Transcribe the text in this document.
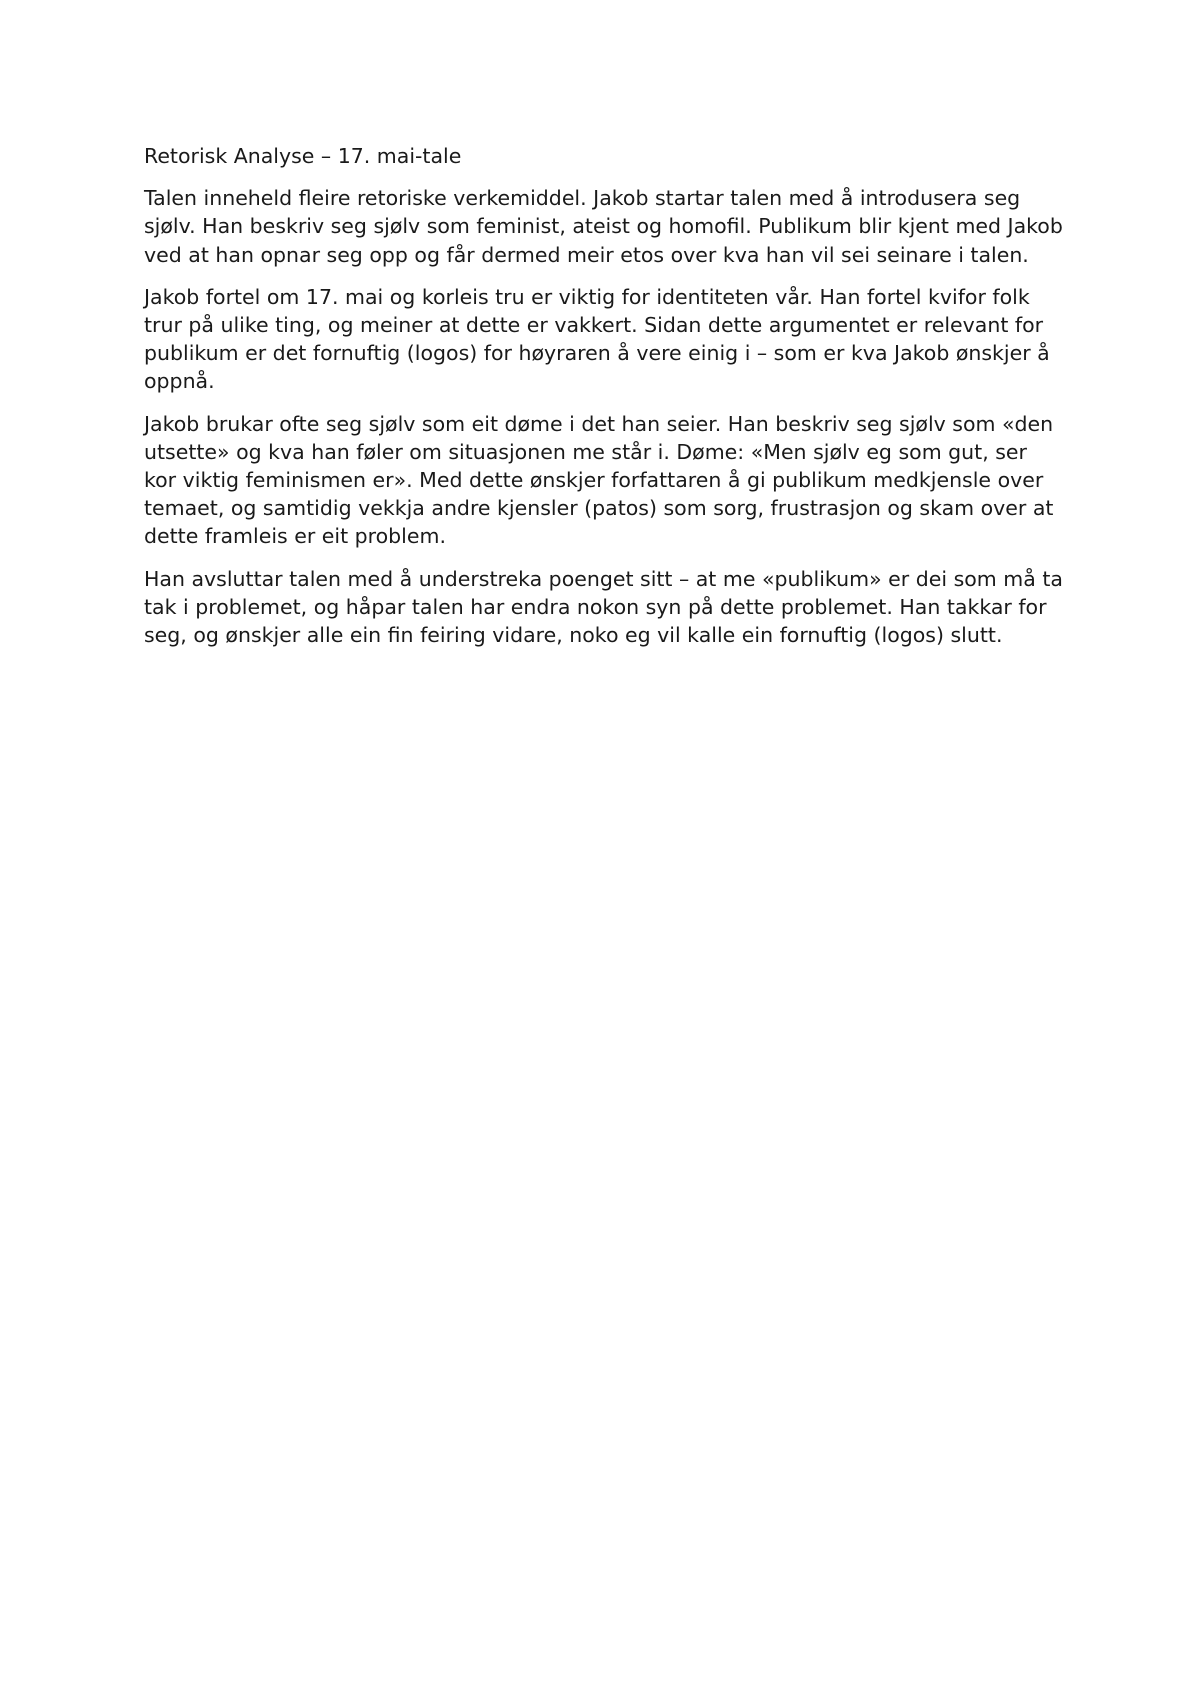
Retorisk Analyse – 17. mai-tale

Talen inneheld fleire retoriske verkemiddel. Jakob startar talen med å introdusera seg sjølv. Han beskriv seg sjølv som feminist, ateist og homofil. Publikum blir kjent med Jakob ved at han opnar seg opp og får dermed meir etos over kva han vil sei seinare i talen.

Jakob fortel om 17. mai og korleis tru er viktig for identiteten vår. Han fortel kvifor folk trur på ulike ting, og meiner at dette er vakkert. Sidan dette argumentet er relevant for publikum er det fornuftig (logos) for høyraren å vere einig i – som er kva Jakob ønskjer å oppnå.

Jakob brukar ofte seg sjølv som eit døme i det han seier. Han beskriv seg sjølv som «den utsette» og kva han føler om situasjonen me står i. Døme: «Men sjølv eg som gut, ser kor viktig feminismen er». Med dette ønskjer forfattaren å gi publikum medkjensle over temaet, og samtidig vekkja andre kjensler (patos) som sorg, frustrasjon og skam over at dette framleis er eit problem.

Han avsluttar talen med å understreka poenget sitt – at me «publikum» er dei som må ta tak i problemet, og håpar talen har endra nokon syn på dette problemet. Han takkar for seg, og ønskjer alle ein fin feiring vidare, noko eg vil kalle ein fornuftig (logos) slutt.
